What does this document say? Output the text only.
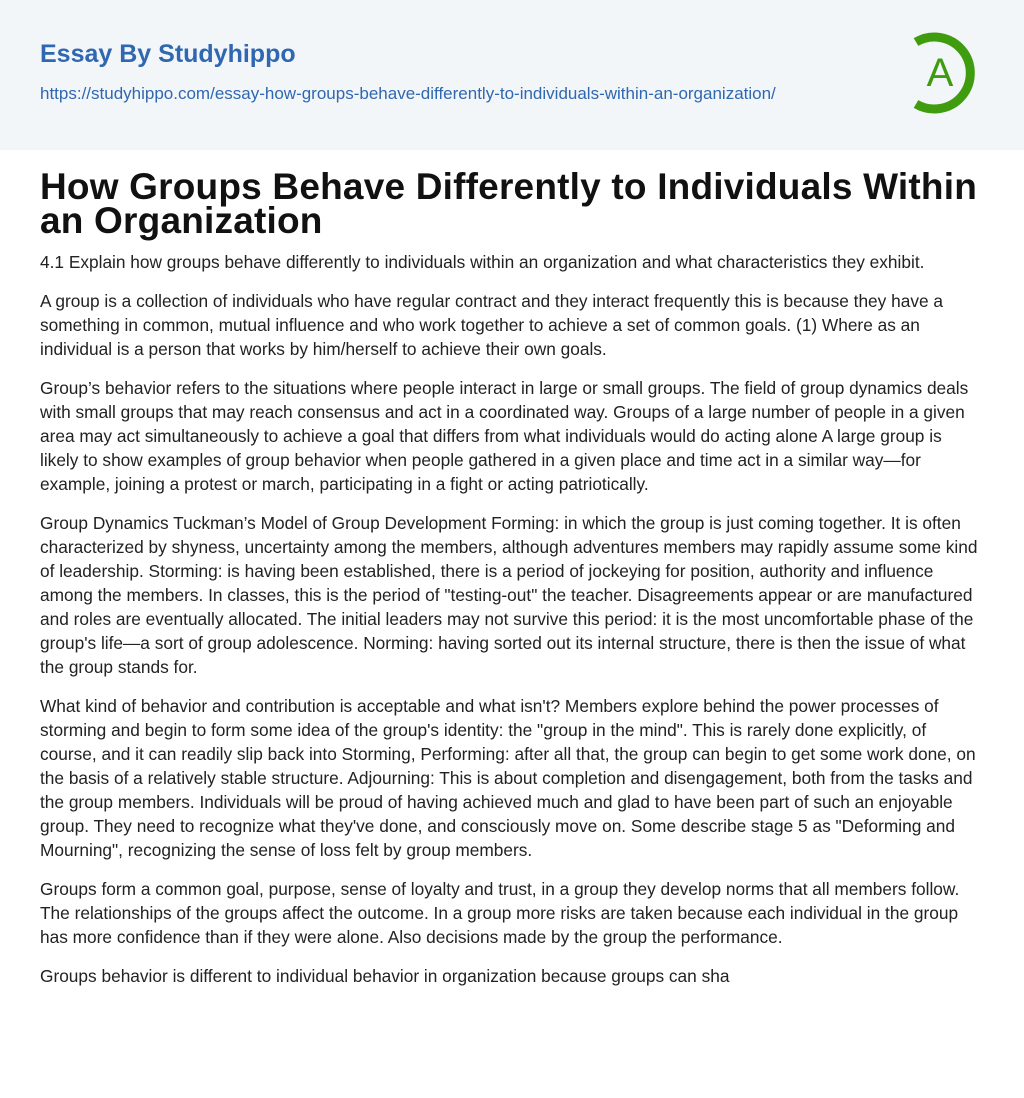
Essay By Studyhippo
https://studyhippo.com/essay-how-groups-behave-differently-to-individuals-within-an-organization/	A
How Groups Behave Differently to Individuals Within an Organization

4.1 Explain how groups behave differently to individuals within an organization and what characteristics they exhibit.

A group is a collection of individuals who have regular contract and they interact frequently this is because they have a something in common, mutual influence and who work together to achieve a set of common goals. (1) Where as an individual is a person that works by him/herself to achieve their own goals.

Group’s behavior refers to the situations where people interact in large or small groups. The field of group dynamics deals with small groups that may reach consensus and act in a coordinated way. Groups of a large number of people in a given area may act simultaneously to achieve a goal that differs from what individuals would do acting alone A large group is likely to show examples of group behavior when people gathered in a given place and time act in a similar way—for example, joining a protest or march, participating in a fight or acting patriotically.

Group Dynamics Tuckman’s Model of Group Development Forming: in which the group is just coming together. It is often characterized by shyness, uncertainty among the members, although adventures members may rapidly assume some kind of leadership. Storming: is having been established, there is a period of jockeying for position, authority and influence among the members. In classes, this is the period of "testing-out" the teacher. Disagreements appear or are manufactured and roles are eventually allocated. The initial leaders may not survive this period: it is the most uncomfortable phase of the group's life—a sort of group adolescence. Norming: having sorted out its internal structure, there is then the issue of what the group stands for.

What kind of behavior and contribution is acceptable and what isn't? Members explore behind the power processes of storming and begin to form some idea of the group's identity: the "group in the mind". This is rarely done explicitly, of course, and it can readily slip back into Storming, Performing: after all that, the group can begin to get some work done, on the basis of a relatively stable structure. Adjourning: This is about completion and disengagement, both from the tasks and the group members. Individuals will be proud of having achieved much and glad to have been part of such an enjoyable group. They need to recognize what they've done, and consciously move on. Some describe stage 5 as "Deforming and Mourning", recognizing the sense of loss felt by group members.

Groups form a common goal, purpose, sense of loyalty and trust, in a group they develop norms that all members follow. The relationships of the groups affect the outcome. In a group more risks are taken because each individual in the group has more confidence than if they were alone. Also decisions made by the group the performance.

Groups behavior is different to individual behavior in organization because groups can sha
